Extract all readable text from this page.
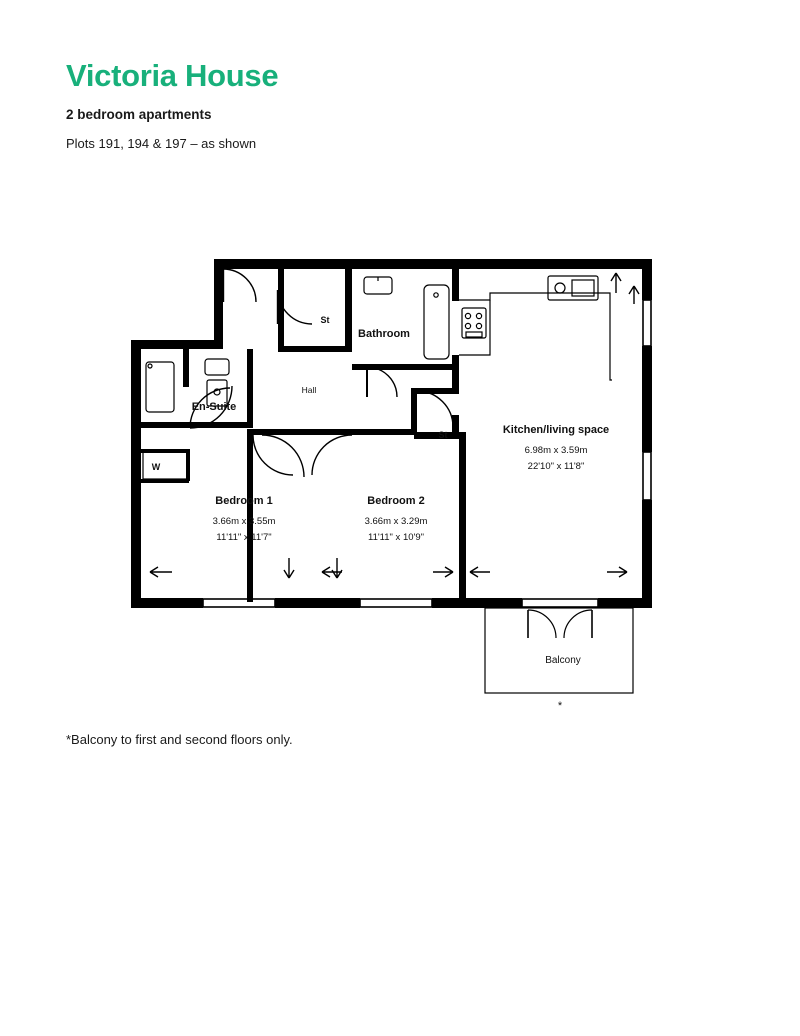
Victoria House

2 bedroom apartments

Plots 191, 194 & 197 – as shown

Kitchen/living space
6.98m x 3.59m
22'10" x 11'8"
Bedroom 1
3.66m x 3.55m
11'11" x 11'7"
Bedroom 2
3.66m x 3.29m
11'11" x 10'9"
Bathroom
En-Suite
St
St
W
Hall
Balcony
*
*Balcony to first and second floors only.
